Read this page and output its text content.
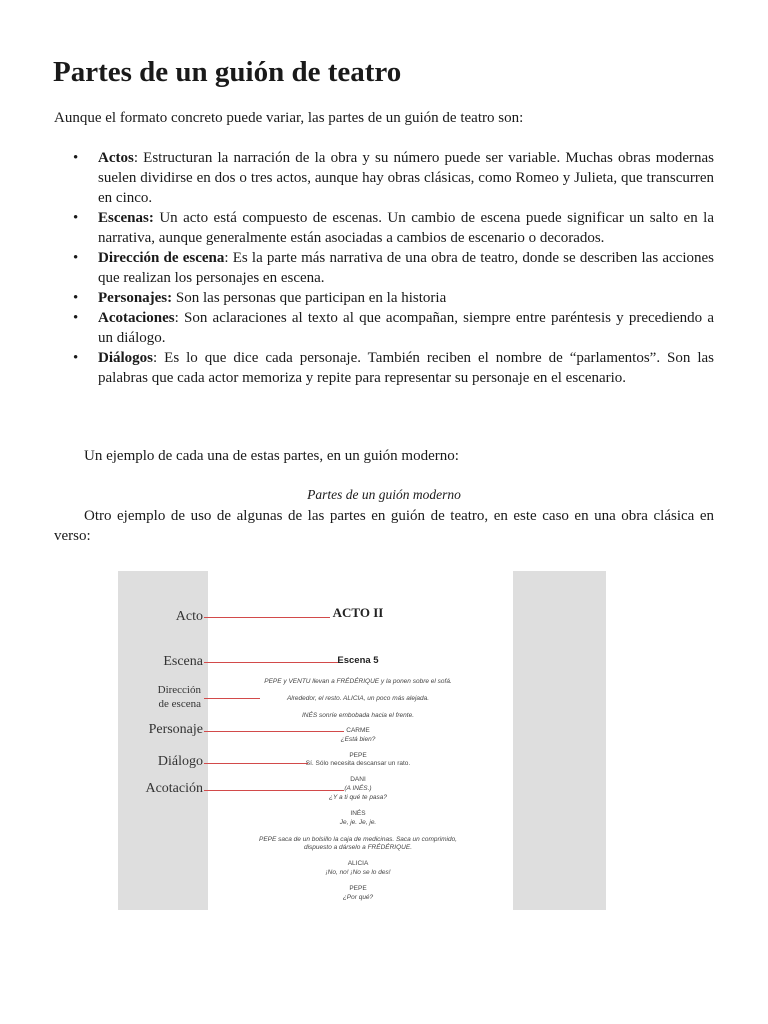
Partes de un guión de teatro

Aunque el formato concreto puede variar, las partes de un guión de teatro son:

• Actos: Estructuran la narración de la obra y su número puede ser variable. Muchas obras modernas suelen dividirse en dos o tres actos, aunque hay obras clásicas, como Romeo y Julieta, que transcurren en cinco.
• Escenas: Un acto está compuesto de escenas. Un cambio de escena puede significar un salto en la narrativa, aunque generalmente están asociadas a cambios de escenario o decorados.
• Dirección de escena: Es la parte más narrativa de una obra de teatro, donde se describen las acciones que realizan los personajes en escena.
• Personajes: Son las personas que participan en la historia
• Acotaciones: Son aclaraciones al texto al que acompañan, siempre entre paréntesis y precediendo a un diálogo.
• Diálogos: Es lo que dice cada personaje. También reciben el nombre de “parlamentos”. Son las palabras que cada actor memoriza y repite para representar su personaje en el escenario.

Un ejemplo de cada una de estas partes, en un guión moderno:

Partes de un guión moderno

Otro ejemplo de uso de algunas de las partes en guión de teatro, en este caso en una obra clásica en verso:

Acto
Escena
Dirección
de escena
Personaje
Diálogo
Acotación
ACTO II
Escena 5
PEPE y VENTU llevan a FRÉDÉRIQUE y la ponen sobre el sofá.
Alrededor, el resto. ALICIA, un poco más alejada.
INÉS sonríe embobada hacia el frente.
CARME
¿Está bien?
PEPE
Sí. Sólo necesita descansar un rato.
DANI
(A INÉS.)
¿Y a ti qué te pasa?
INÉS
Je, je. Je, je.
PEPE saca de un bolsillo la caja de medicinas. Saca un comprimido,
dispuesto a dárselo a FRÉDÉRIQUE.
ALICIA
¡No, no! ¡No se lo des!
PEPE
¿Por qué?
